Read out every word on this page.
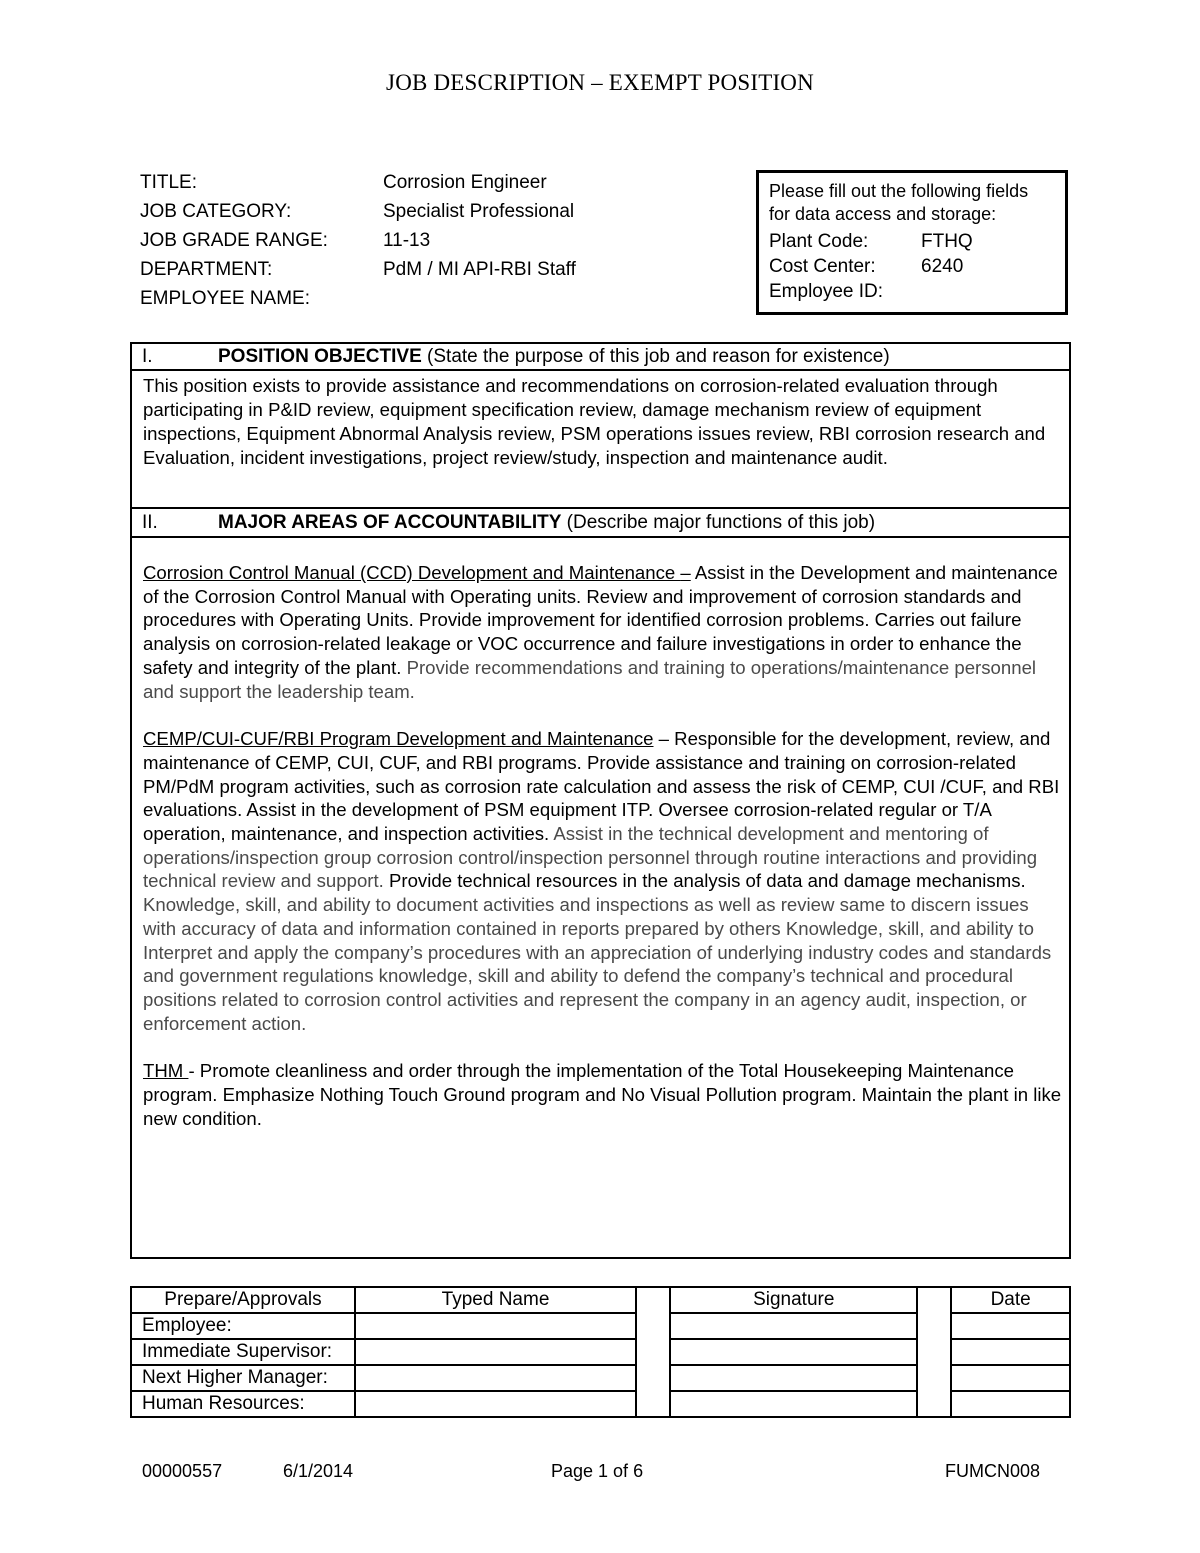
JOB DESCRIPTION – EXEMPT POSITION
TITLE:	Corrosion Engineer
JOB CATEGORY:	Specialist Professional
JOB GRADE RANGE:	11-13
DEPARTMENT:	PdM / MI API-RBI Staff
EMPLOYEE NAME:
Please fill out the following fields
for data access and storage:
Plant Code:	FTHQ
Cost Center: 6240
Employee ID:
I.	POSITION OBJECTIVE (State the purpose of this job and reason for existence)
This position exists to provide assistance and recommendations on corrosion-related evaluation through participating in P&ID review, equipment specification review, damage mechanism review of equipment inspections, Equipment Abnormal Analysis review, PSM operations issues review, RBI corrosion research and Evaluation, incident investigations, project review/study, inspection and maintenance audit.
II.	MAJOR AREAS OF ACCOUNTABILITY (Describe major functions of this job)

Corrosion Control Manual (CCD) Development and Maintenance – Assist in the Development and maintenance of the Corrosion Control Manual with Operating units. Review and improvement of corrosion standards and procedures with Operating Units. Provide improvement for identified corrosion problems. Carries out failure analysis on corrosion-related leakage or VOC occurrence and failure investigations in order to enhance the safety and integrity of the plant. Provide recommendations and training to operations/maintenance personnel and support the leadership team.

CEMP/CUI-CUF/RBI Program Development and Maintenance – Responsible for the development, review, and maintenance of CEMP, CUI, CUF, and RBI programs. Provide assistance and training on corrosion-related PM/PdM program activities, such as corrosion rate calculation and assess the risk of CEMP, CUI /CUF, and RBI evaluations. Assist in the development of PSM equipment ITP. Oversee corrosion-related regular or T/A operation, maintenance, and inspection activities. Assist in the technical development and mentoring of operations/inspection group corrosion control/inspection personnel through routine interactions and providing technical review and support. Provide technical resources in the analysis of data and damage mechanisms. Knowledge, skill, and ability to document activities and inspections as well as review same to discern issues with accuracy of data and information contained in reports prepared by others Knowledge, skill, and ability to Interpret and apply the company’s procedures with an appreciation of underlying industry codes and standards and government regulations knowledge, skill and ability to defend the company’s technical and procedural positions related to corrosion control activities and represent the company in an agency audit, inspection, or enforcement action.

THM - Promote cleanliness and order through the implementation of the Total Housekeeping Maintenance program. Emphasize Nothing Touch Ground program and No Visual Pollution program. Maintain the plant in like new condition.

Prepare/Approvals	Typed Name		Signature		Date
Employee:					
Immediate Supervisor:					
Next Higher Manager:					
Human Resources:					
00000557	6/1/2014	Page 1 of 6	FUMCN008
